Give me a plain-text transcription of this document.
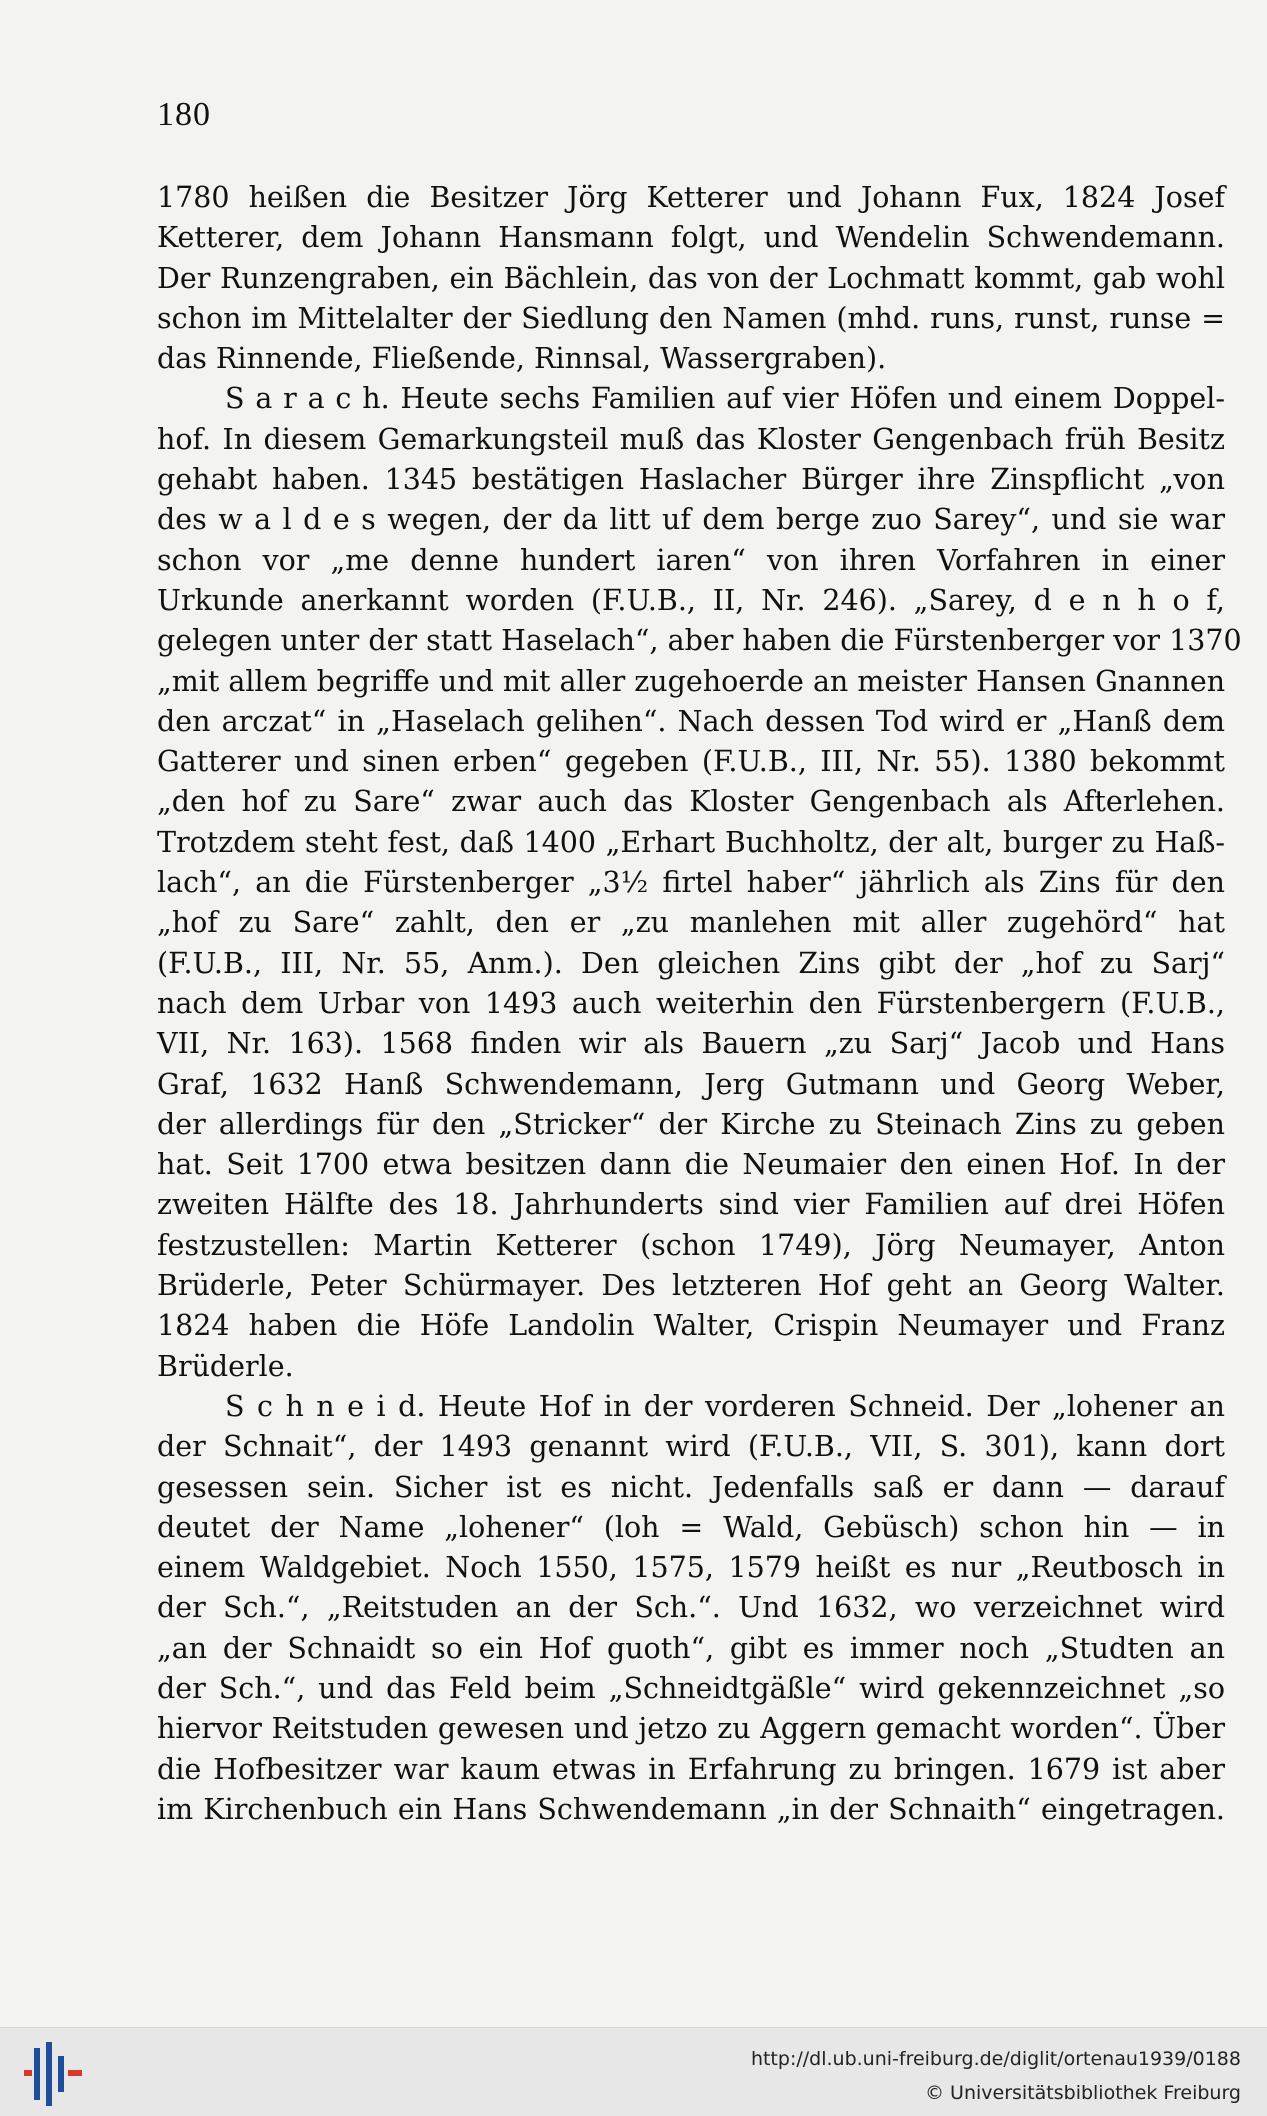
180
1780 heißen die Besitzer Jörg Ketterer und Johann Fux, 1824 Josef
Ketterer, dem Johann Hansmann folgt, und Wendelin Schwendemann.
Der Runzengraben, ein Bächlein, das von der Lochmatt kommt, gab wohl
schon im Mittelalter der Siedlung den Namen (mhd. runs, runst, runse =
das Rinnende, Fließende, Rinnsal, Wassergraben).
S a r a c h. Heute sechs Familien auf vier Höfen und einem Doppel-
hof. In diesem Gemarkungsteil muß das Kloster Gengenbach früh Besitz
gehabt haben. 1345 bestätigen Haslacher Bürger ihre Zinspflicht „von
des w a l d e s wegen, der da litt uf dem berge zuo Sarey“, und sie war
schon vor „me denne hundert iaren“ von ihren Vorfahren in einer
Urkunde anerkannt worden (F.U.B., II, Nr. 246). „Sarey, d e n h o f,
gelegen unter der statt Haselach“, aber haben die Fürstenberger vor 1370
„mit allem begriffe und mit aller zugehoerde an meister Hansen Gnannen
den arczat“ in „Haselach gelihen“. Nach dessen Tod wird er „Hanß dem
Gatterer und sinen erben“ gegeben (F.U.B., III, Nr. 55). 1380 bekommt
„den hof zu Sare“ zwar auch das Kloster Gengenbach als Afterlehen.
Trotzdem steht fest, daß 1400 „Erhart Buchholtz, der alt, burger zu Haß-
lach“, an die Fürstenberger „3½ firtel haber“ jährlich als Zins für den
„hof zu Sare“ zahlt, den er „zu manlehen mit aller zugehörd“ hat
(F.U.B., III, Nr. 55, Anm.). Den gleichen Zins gibt der „hof zu Sarj“
nach dem Urbar von 1493 auch weiterhin den Fürstenbergern (F.U.B.,
VII, Nr. 163). 1568 finden wir als Bauern „zu Sarj“ Jacob und Hans
Graf, 1632 Hanß Schwendemann, Jerg Gutmann und Georg Weber,
der allerdings für den „Stricker“ der Kirche zu Steinach Zins zu geben
hat. Seit 1700 etwa besitzen dann die Neumaier den einen Hof. In der
zweiten Hälfte des 18. Jahrhunderts sind vier Familien auf drei Höfen
festzustellen: Martin Ketterer (schon 1749), Jörg Neumayer, Anton
Brüderle, Peter Schürmayer. Des letzteren Hof geht an Georg Walter.
1824 haben die Höfe Landolin Walter, Crispin Neumayer und Franz
Brüderle.
S c h n e i d. Heute Hof in der vorderen Schneid. Der „lohener an
der Schnait“, der 1493 genannt wird (F.U.B., VII, S. 301), kann dort
gesessen sein. Sicher ist es nicht. Jedenfalls saß er dann — darauf
deutet der Name „lohener“ (loh = Wald, Gebüsch) schon hin — in
einem Waldgebiet. Noch 1550, 1575, 1579 heißt es nur „Reutbosch in
der Sch.“, „Reitstuden an der Sch.“. Und 1632, wo verzeichnet wird
„an der Schnaidt so ein Hof guoth“, gibt es immer noch „Studten an
der Sch.“, und das Feld beim „Schneidtgäßle“ wird gekennzeichnet „so
hiervor Reitstuden gewesen und jetzo zu Aggern gemacht worden“. Über
die Hofbesitzer war kaum etwas in Erfahrung zu bringen. 1679 ist aber
im Kirchenbuch ein Hans Schwendemann „in der Schnaith“ eingetragen.
http://dl.ub.uni-freiburg.de/diglit/ortenau1939/0188
© Universitätsbibliothek Freiburg
